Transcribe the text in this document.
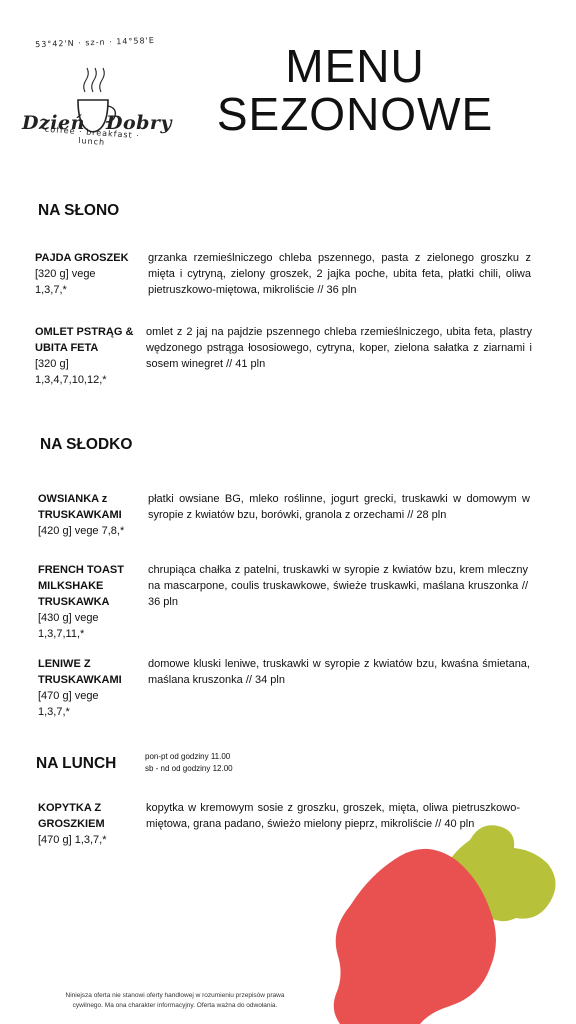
53°42'N · sz-n · 14°58'E
Dzień Dobry
coffee · breakfast · lunch
MENU
SEZONOWE
NA SŁONO
PAJDA GROSZEK
[320 g] vege
1,3,7,*
grzanka rzemieślniczego chleba pszennego, pasta z zielonego groszku z mięta i cytryną, zielony groszek, 2 jajka poche, ubita feta, płatki chili, oliwa pietruszkowo-miętowa, mikroliście // 36 pln
OMLET PSTRĄG &
UBITA FETA
[320 g]
1,3,4,7,10,12,*
omlet z 2 jaj na pajdzie pszennego chleba rzemieślniczego, ubita feta, plastry wędzonego pstrąga łososiowego, cytryna, koper, zielona sałatka z ziarnami i sosem winegret // 41 pln
NA SŁODKO
OWSIANKA z
TRUSKAWKAMI
[420 g] vege 7,8,*
płatki owsiane BG, mleko roślinne, jogurt grecki, truskawki w domowym w syropie z kwiatów bzu, borówki, granola z orzechami // 28 pln
FRENCH TOAST
MILKSHAKE
TRUSKAWKA
[430 g] vege
1,3,7,11,*
chrupiąca chałka z patelni, truskawki w syropie z kwiatów bzu, krem mleczny na mascarpone, coulis truskawkowe, świeże truskawki, maślana kruszonka // 36 pln
LENIWE Z
TRUSKAWKAMI
[470 g] vege
1,3,7,*
domowe kluski leniwe, truskawki w syropie z kwiatów bzu, kwaśna śmietana, maślana kruszonka // 34 pln
NA LUNCH	pon-pt od godziny 11.00
sb - nd od godziny 12.00
KOPYTKA Z
GROSZKIEM
[470 g] 1,3,7,*
kopytka w kremowym sosie z groszku, groszek, mięta, oliwa pietruszkowo-miętowa, grana padano, świeżo mielony pieprz, mikroliście // 40 pln
Niniejsza oferta nie stanowi oferty handlowej w rozumieniu przepisów prawa
cywilnego. Ma ona charakter informacyjny. Oferta ważna do odwołania.
